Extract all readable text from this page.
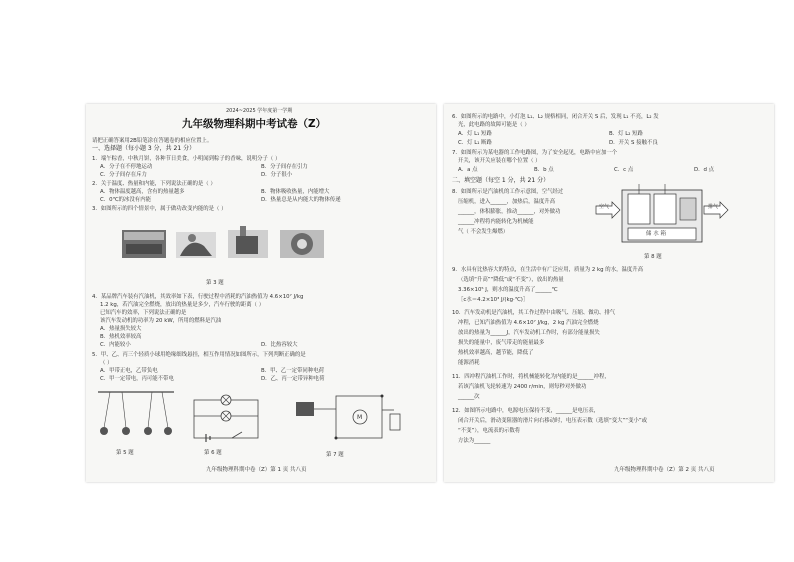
2024~2025 学年度第一学期
九年级物理科期中考试卷（Z）
请把正确答案用2B铅笔涂在答题卷的相应位置上。
一、选择题（每小题 3 分，共 21 分）
1．端午粽香，中秋月饼，各种节日美食，小明闻到粽子的香味，说明分子（ ）
A．分子在不停地运动	B．分子间存在引力
C．分子间存在斥力	D．分子很小
2．关于温度、热量和内能，下列说法正确的是（ ）
A．物体温度越高，含有的热量越多	B．物体吸收热量，内能增大
C．0℃的冰没有内能	D．热量总是从内能大的物体传递
3．如图所示的四个情景中，属于做功改变内能的是（ ）
第 3 题
4．某品牌汽车装有汽油机，其效率如下表，行驶过程中消耗的汽油热值为 4.6×10⁷ J/kg
1.2 kg，若汽油完全燃烧，放出的热量是多少，汽车行驶的距离（ ）
已知汽车的效率，下列说法正确的是
该汽车发动机的功率为 20 kW，所用的燃料是汽油
A．热量损失较大
B．热机效率较高
C．内能较小	D．比热容较大
5．甲、乙、丙三个轻质小球用绝缘细线悬挂，相互作用情况如图所示，下列判断正确的是
（ ）
A．甲带正电，乙带负电	B．甲、乙一定带同种电荷
C．甲一定带电，丙可能不带电	D．乙、丙一定带异种电荷
第 5 题	第 6 题
M
第 7 题
九年级物理科期中卷（Z）第 1 页 共八页
6．如图所示的电路中，小灯泡 L₁、L₂ 规格相同，闭合开关 S 后，发现 L₁ 不亮，L₂ 发
光，此电路的故障可能是（ ）
A．灯 L₁ 短路	B．灯 L₂ 短路
C．灯 L₁ 断路	D．开关 S 接触不良
7．如图所示为某电器的工作电路图，为了安全起见，电路中应加一个
开关，该开关应装在哪个位置（ ）
A．a 点	B．b 点	C．c 点	D．d 点
二、填空题（每空 1 分，共 21 分）
8．如图所示是汽油机的工作示意图，空气经过
压缩机，进入______，加热后，温度升高
______，体积膨胀，推动______，对外做功
______冲程将内能转化为机械能
气（ 不会发生爆燃）
空气	排气
储 水 箱
第 8 题
9．水具有比热容大的特点，在生活中有广泛应用，质量为 2 kg 的水，温度升高
（选填“升高”“降低”或“不变”），放出的热量
3.36×10⁵ J，则水的温度升高了______℃
［c水＝4.2×10³ J/(kg·℃)］
10．汽车发动机是汽油机，其工作过程中由吸气、压缩、做功、排气
冲程，已知汽油热值为 4.6×10⁷ J/kg，2 kg 汽油完全燃烧
放出的热量为______J，汽车发动机工作时，有部分能量损失
损失的能量中，废气带走的能量最多
热机效率越高，越节能，降低了
能源消耗
11．四冲程汽油机工作时，将机械能转化为内能的是______冲程，
若该汽油机飞轮转速为 2400 r/min，则每秒对外做功
______次
12．如图所示电路中，电源电压保持不变，______是电压表，
闭合开关后，滑动变阻器的滑片向右移动时，电压表示数（选填“变大”“变小”或
“不变”），电流表的示数将
方法为______
九年级物理科期中卷（Z）第 2 页 共八页
